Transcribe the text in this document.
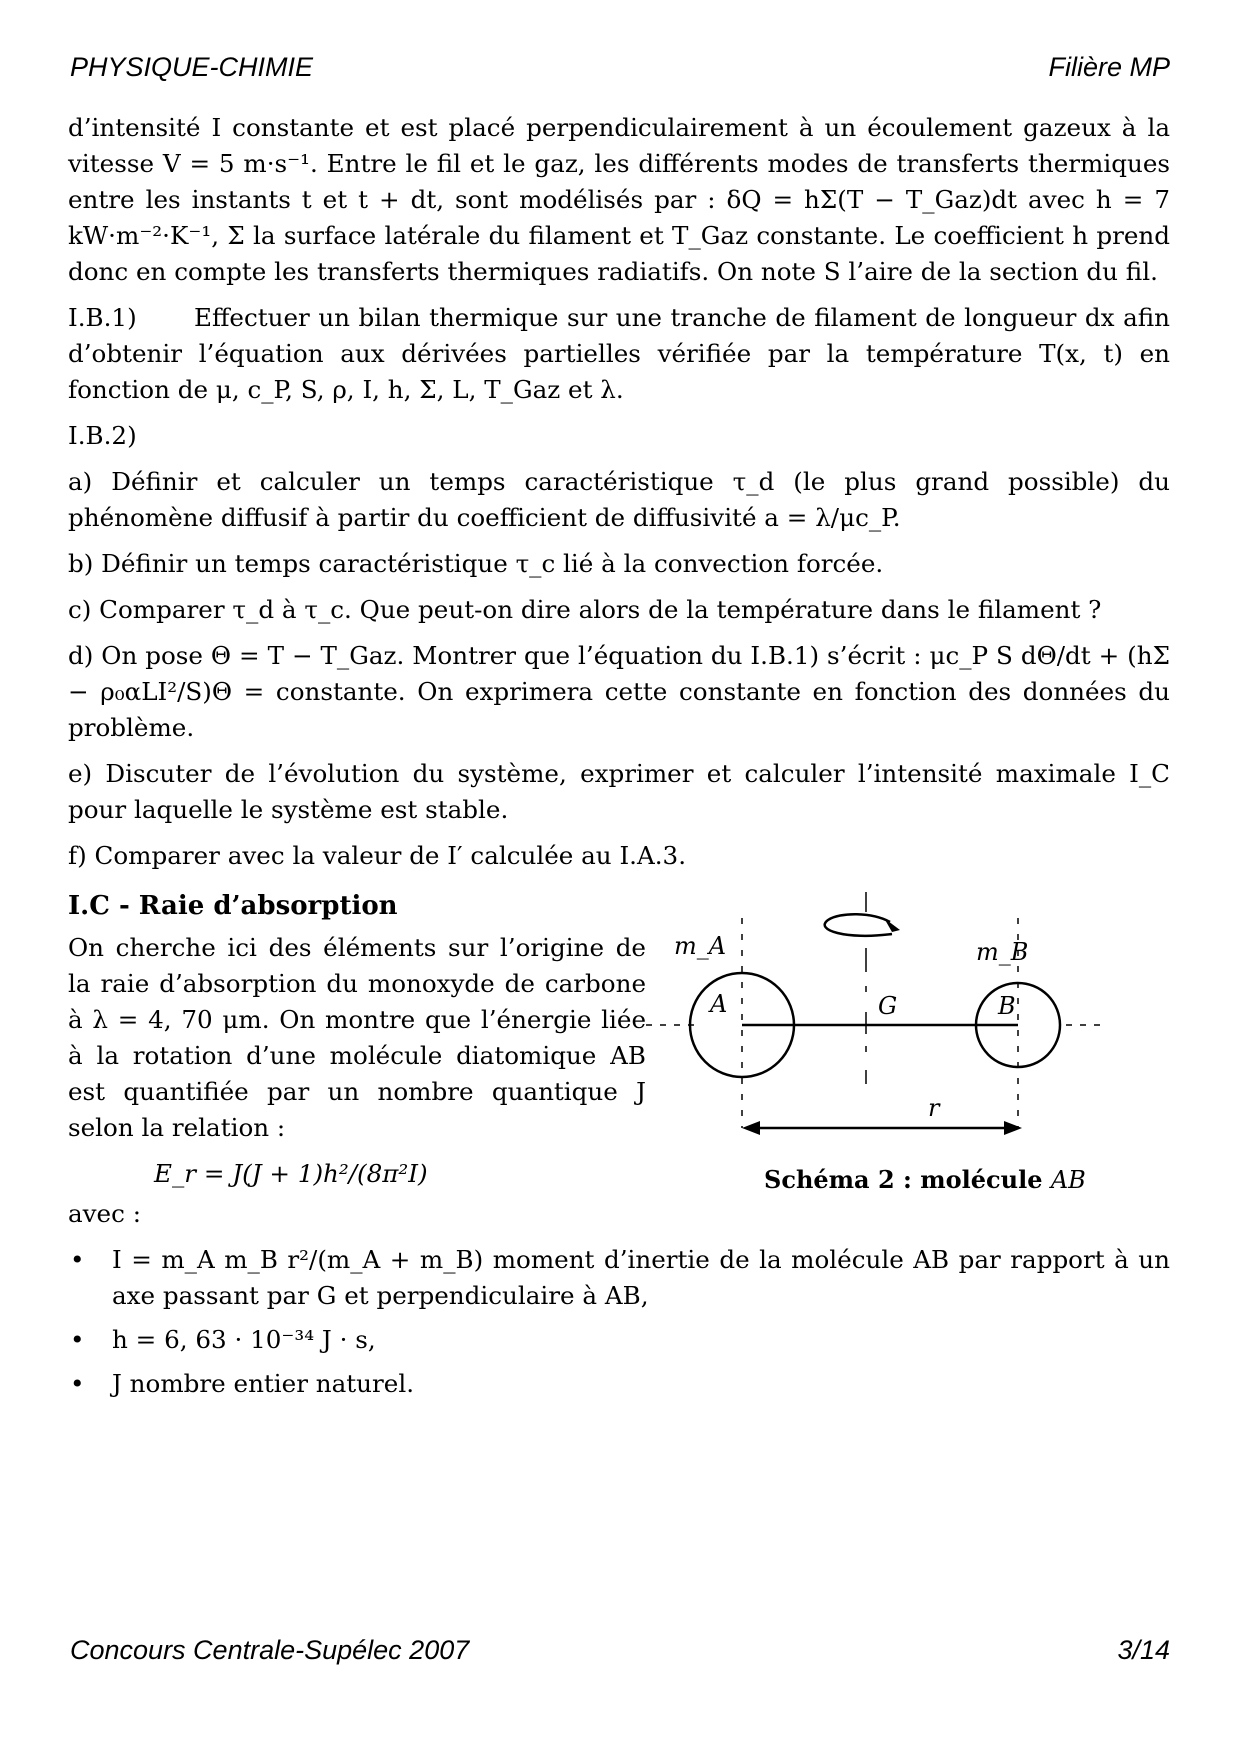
PHYSIQUE-CHIMIE	Filière MP

d’intensité I constante et est placé perpendiculairement à un écoulement gazeux à la vitesse V = 5 m·s⁻¹. Entre le fil et le gaz, les différents modes de transferts thermiques entre les instants t et t + dt, sont modélisés par : δQ = hΣ(T − T_Gaz)dt avec h = 7 kW·m⁻²·K⁻¹, Σ la surface latérale du filament et T_Gaz constante. Le coefficient h prend donc en compte les transferts thermiques radiatifs. On note S l’aire de la section du fil.

I.B.1) Effectuer un bilan thermique sur une tranche de filament de longueur dx afin d’obtenir l’équation aux dérivées partielles vérifiée par la température T(x, t) en fonction de μ, c_P, S, ρ, I, h, Σ, L, T_Gaz et λ.

I.B.2)

a) Définir et calculer un temps caractéristique τ_d (le plus grand possible) du phénomène diffusif à partir du coefficient de diffusivité a = λ/μc_P.

b) Définir un temps caractéristique τ_c lié à la convection forcée.

c) Comparer τ_d à τ_c. Que peut-on dire alors de la température dans le filament ?

d) On pose Θ = T − T_Gaz. Montrer que l’équation du I.B.1) s’écrit : μc_P S dΘ/dt + (hΣ − ρ₀αLI²/S)Θ = constante. On exprimera cette constante en fonction des données du problème.

e) Discuter de l’évolution du système, exprimer et calculer l’intensité maximale I_C pour laquelle le système est stable.

f) Comparer avec la valeur de I′ calculée au I.A.3.

I.C - Raie d’absorption

On cherche ici des éléments sur l’origine de la raie d’absorption du monoxyde de carbone à λ = 4, 70 μm. On montre que l’énergie liée à la rotation d’une molécule diatomique AB est quantifiée par un nombre quantique J selon la relation :

E_r = J(J + 1)h²/(8π²I)

m_A	m_B
A	G	B
r
Schéma 2 : molécule AB

avec :

• I = m_A m_B r²/(m_A + m_B) moment d’inertie de la molécule AB par rapport à un axe passant par G et perpendiculaire à AB,
• h = 6, 63 · 10⁻³⁴ J · s,
• J nombre entier naturel.
Concours Centrale-Supélec 2007	3/14
